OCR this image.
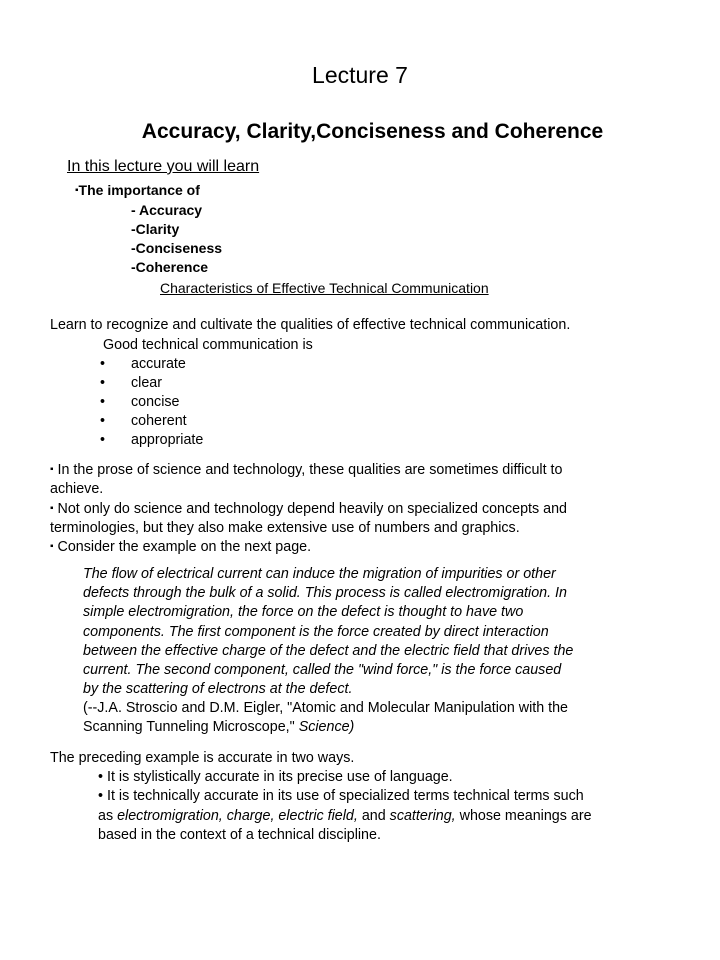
Lecture 7
Accuracy, Clarity,Conciseness and Coherence
In this lecture you will learn
▪The importance of
- Accuracy
-Clarity
-Conciseness
-Coherence
Characteristics of Effective Technical Communication
Learn to recognize and cultivate the qualities of effective technical communication.
Good technical communication is
• accurate
• clear
• concise
• coherent
• appropriate
▪ In the prose of science and technology, these qualities are sometimes difficult to
achieve.
▪ Not only do science and technology depend heavily on specialized concepts and
terminologies, but they also make extensive use of numbers and graphics.
▪ Consider the example on the next page.
The flow of electrical current can induce the migration of impurities or other
defects through the bulk of a solid. This process is called electromigration. In
simple electromigration, the force on the defect is thought to have two
components. The first component is the force created by direct interaction
between the effective charge of the defect and the electric field that drives the
current. The second component, called the "wind force," is the force caused
by the scattering of electrons at the defect.
(--J.A. Stroscio and D.M. Eigler, "Atomic and Molecular Manipulation with the
Scanning Tunneling Microscope," Science)
The preceding example is accurate in two ways.
• It is stylistically accurate in its precise use of language.
• It is technically accurate in its use of specialized terms technical terms such
as electromigration, charge, electric field, and scattering, whose meanings are
based in the context of a technical discipline.
